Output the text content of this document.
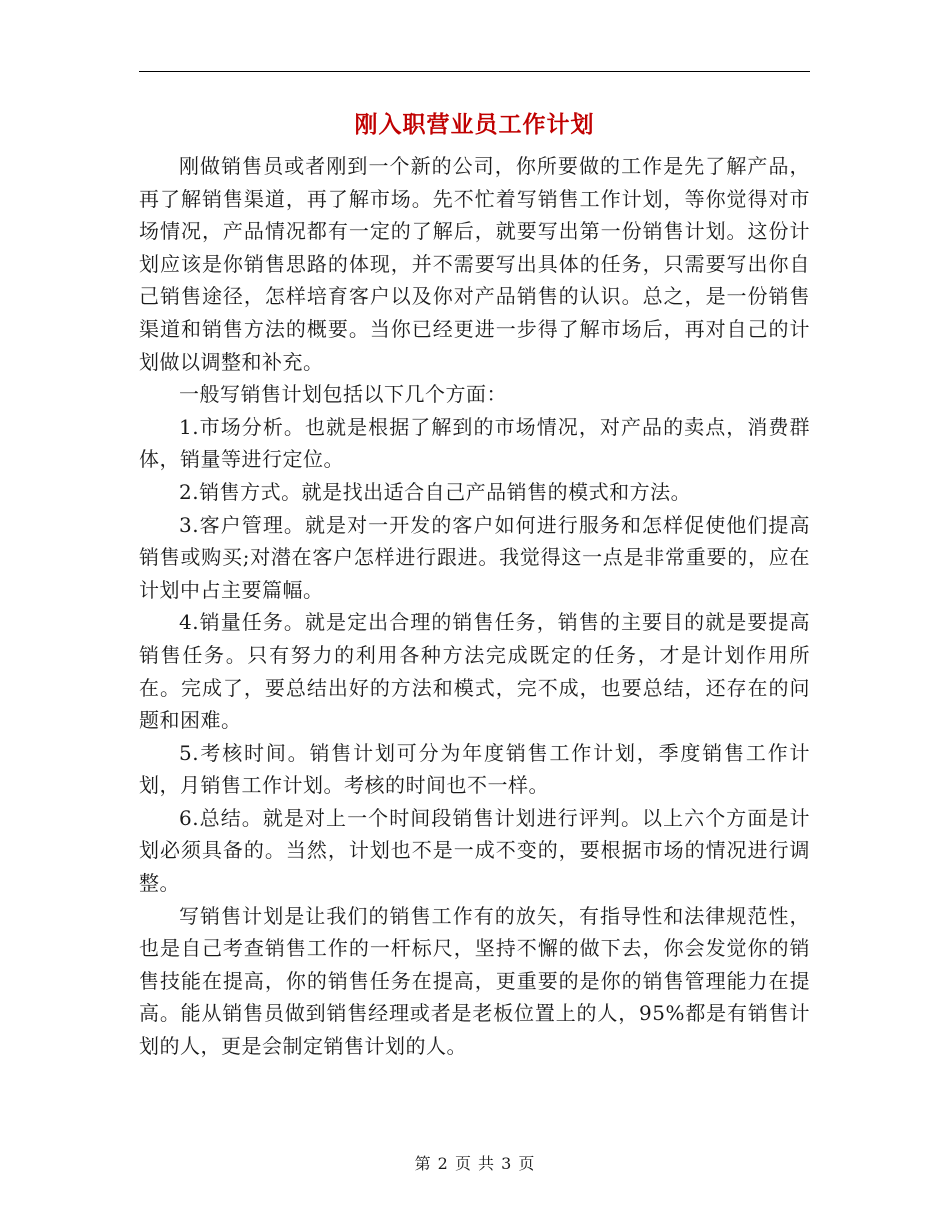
刚入职营业员工作计划

刚做销售员或者刚到一个新的公司，你所要做的工作是先了解产品，再了解销售渠道，再了解市场。先不忙着写销售工作计划，等你觉得对市场情况，产品情况都有一定的了解后，就要写出第一份销售计划。这份计划应该是你销售思路的体现，并不需要写出具体的任务，只需要写出你自己销售途径，怎样培育客户以及你对产品销售的认识。总之，是一份销售渠道和销售方法的概要。当你已经更进一步得了解市场后，再对自己的计划做以调整和补充。

一般写销售计划包括以下几个方面：

1.市场分析。也就是根据了解到的市场情况，对产品的卖点，消费群体，销量等进行定位。

2.销售方式。就是找出适合自己产品销售的模式和方法。

3.客户管理。就是对一开发的客户如何进行服务和怎样促使他们提高销售或购买;对潜在客户怎样进行跟进。我觉得这一点是非常重要的，应在计划中占主要篇幅。

4.销量任务。就是定出合理的销售任务，销售的主要目的就是要提高销售任务。只有努力的利用各种方法完成既定的任务，才是计划作用所在。完成了，要总结出好的方法和模式，完不成，也要总结，还存在的问题和困难。

5.考核时间。销售计划可分为年度销售工作计划，季度销售工作计划，月销售工作计划。考核的时间也不一样。

6.总结。就是对上一个时间段销售计划进行评判。以上六个方面是计划必须具备的。当然，计划也不是一成不变的，要根据市场的情况进行调整。

写销售计划是让我们的销售工作有的放矢，有指导性和法律规范性，也是自己考查销售工作的一杆标尺，坚持不懈的做下去，你会发觉你的销售技能在提高，你的销售任务在提高，更重要的是你的销售管理能力在提高。能从销售员做到销售经理或者是老板位置上的人，95%都是有销售计划的人，更是会制定销售计划的人。

第 2 页 共 3 页
